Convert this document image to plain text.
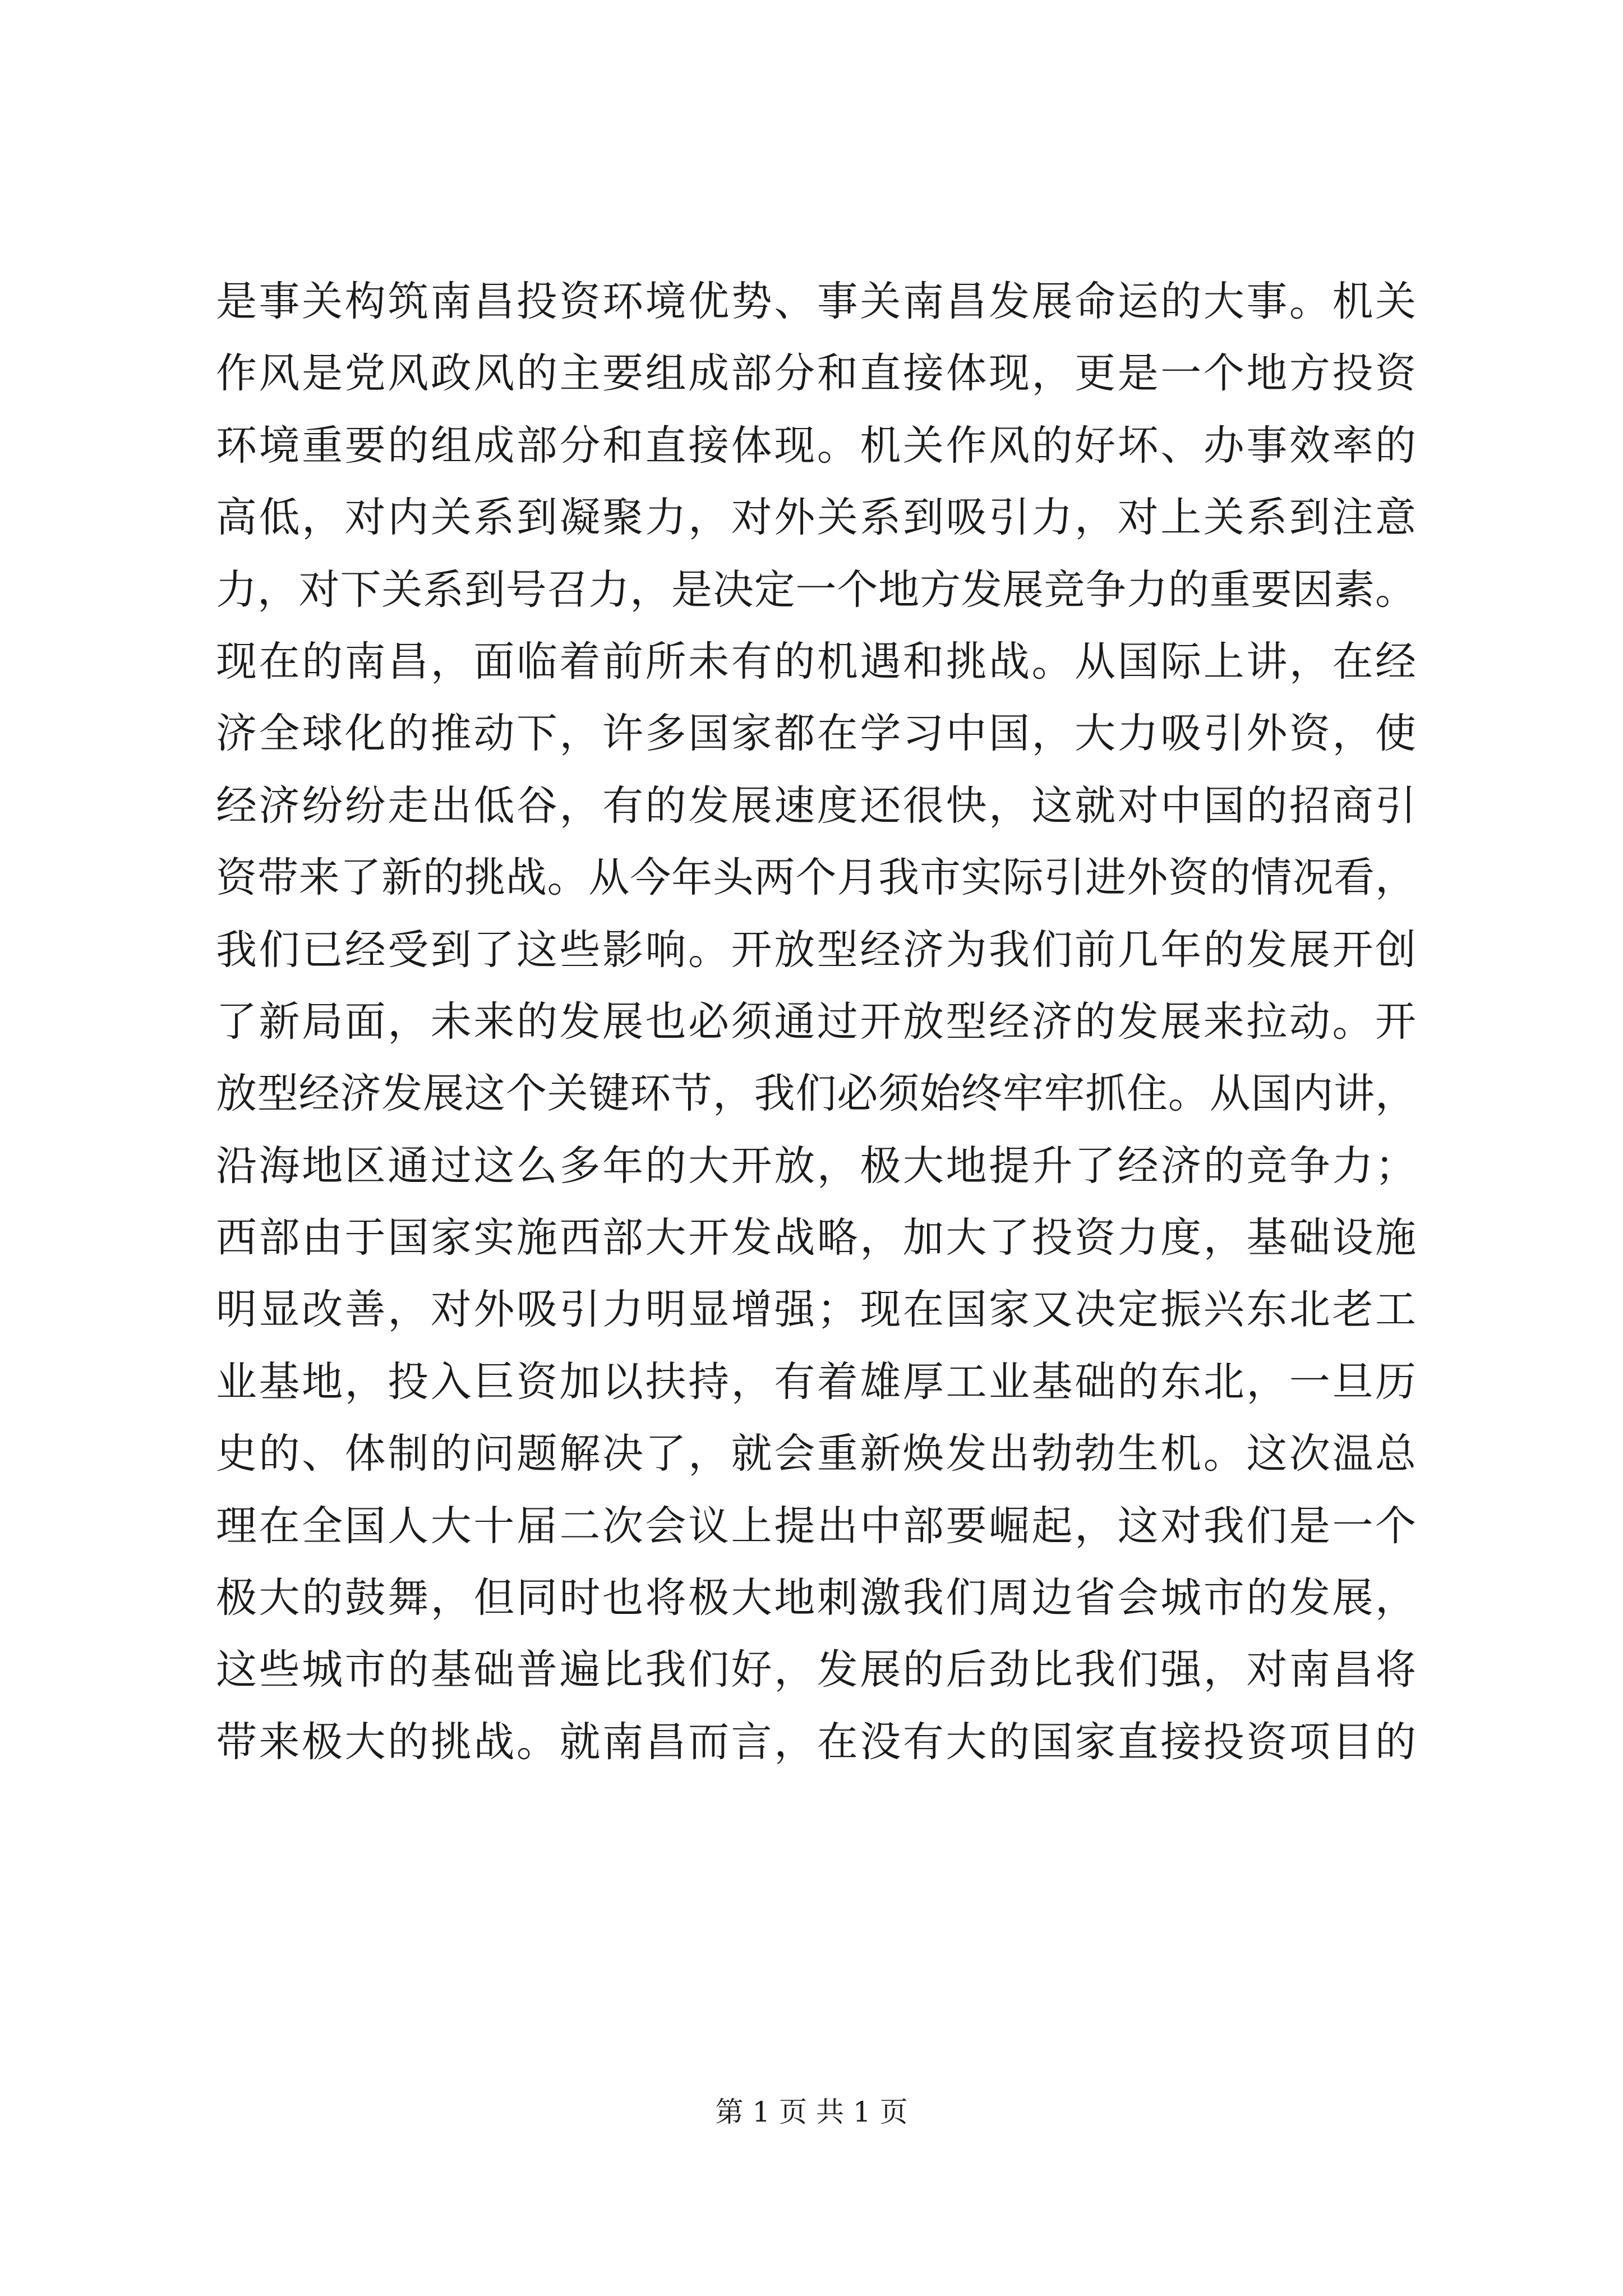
是事关构筑南昌投资环境优势、事关南昌发展命运的大事。机关
作风是党风政风的主要组成部分和直接体现，更是一个地方投资
环境重要的组成部分和直接体现。机关作风的好坏、办事效率的
高低，对内关系到凝聚力，对外关系到吸引力，对上关系到注意
力，对下关系到号召力，是决定一个地方发展竞争力的重要因素。
现在的南昌，面临着前所未有的机遇和挑战。从国际上讲，在经
济全球化的推动下，许多国家都在学习中国，大力吸引外资，使
经济纷纷走出低谷，有的发展速度还很快，这就对中国的招商引
资带来了新的挑战。从今年头两个月我市实际引进外资的情况看，
我们已经受到了这些影响。开放型经济为我们前几年的发展开创
了新局面，未来的发展也必须通过开放型经济的发展来拉动。开
放型经济发展这个关键环节，我们必须始终牢牢抓住。从国内讲，
沿海地区通过这么多年的大开放，极大地提升了经济的竞争力；
西部由于国家实施西部大开发战略，加大了投资力度，基础设施
明显改善，对外吸引力明显增强；现在国家又决定振兴东北老工
业基地，投入巨资加以扶持，有着雄厚工业基础的东北，一旦历
史的、体制的问题解决了，就会重新焕发出勃勃生机。这次温总
理在全国人大十届二次会议上提出中部要崛起，这对我们是一个
极大的鼓舞，但同时也将极大地刺激我们周边省会城市的发展，
这些城市的基础普遍比我们好，发展的后劲比我们强，对南昌将
带来极大的挑战。就南昌而言，在没有大的国家直接投资项目的
第 1 页 共 1 页
